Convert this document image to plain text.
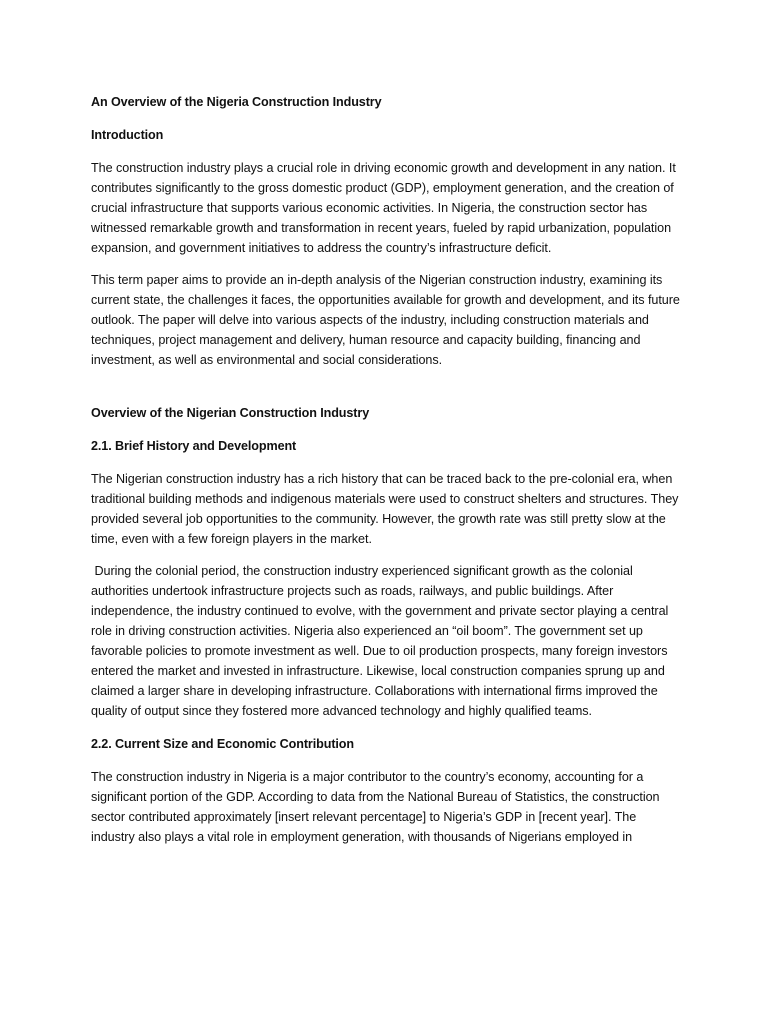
An Overview of the Nigeria Construction Industry

Introduction

The construction industry plays a crucial role in driving economic growth and development in any nation. It contributes significantly to the gross domestic product (GDP), employment generation, and the creation of crucial infrastructure that supports various economic activities. In Nigeria, the construction sector has witnessed remarkable growth and transformation in recent years, fueled by rapid urbanization, population expansion, and government initiatives to address the country’s infrastructure deficit.

This term paper aims to provide an in-depth analysis of the Nigerian construction industry, examining its current state, the challenges it faces, the opportunities available for growth and development, and its future outlook. The paper will delve into various aspects of the industry, including construction materials and techniques, project management and delivery, human resource and capacity building, financing and investment, as well as environmental and social considerations.

Overview of the Nigerian Construction Industry

2.1. Brief History and Development

The Nigerian construction industry has a rich history that can be traced back to the pre-colonial era, when traditional building methods and indigenous materials were used to construct shelters and structures. They provided several job opportunities to the community. However, the growth rate was still pretty slow at the time, even with a few foreign players in the market.

During the colonial period, the construction industry experienced significant growth as the colonial authorities undertook infrastructure projects such as roads, railways, and public buildings. After independence, the industry continued to evolve, with the government and private sector playing a central role in driving construction activities. Nigeria also experienced an “oil boom”. The government set up favorable policies to promote investment as well. Due to oil production prospects, many foreign investors entered the market and invested in infrastructure. Likewise, local construction companies sprung up and claimed a larger share in developing infrastructure. Collaborations with international firms improved the quality of output since they fostered more advanced technology and highly qualified teams.

2.2. Current Size and Economic Contribution

The construction industry in Nigeria is a major contributor to the country’s economy, accounting for a significant portion of the GDP. According to data from the National Bureau of Statistics, the construction sector contributed approximately [insert relevant percentage] to Nigeria’s GDP in [recent year]. The industry also plays a vital role in employment generation, with thousands of Nigerians employed in
